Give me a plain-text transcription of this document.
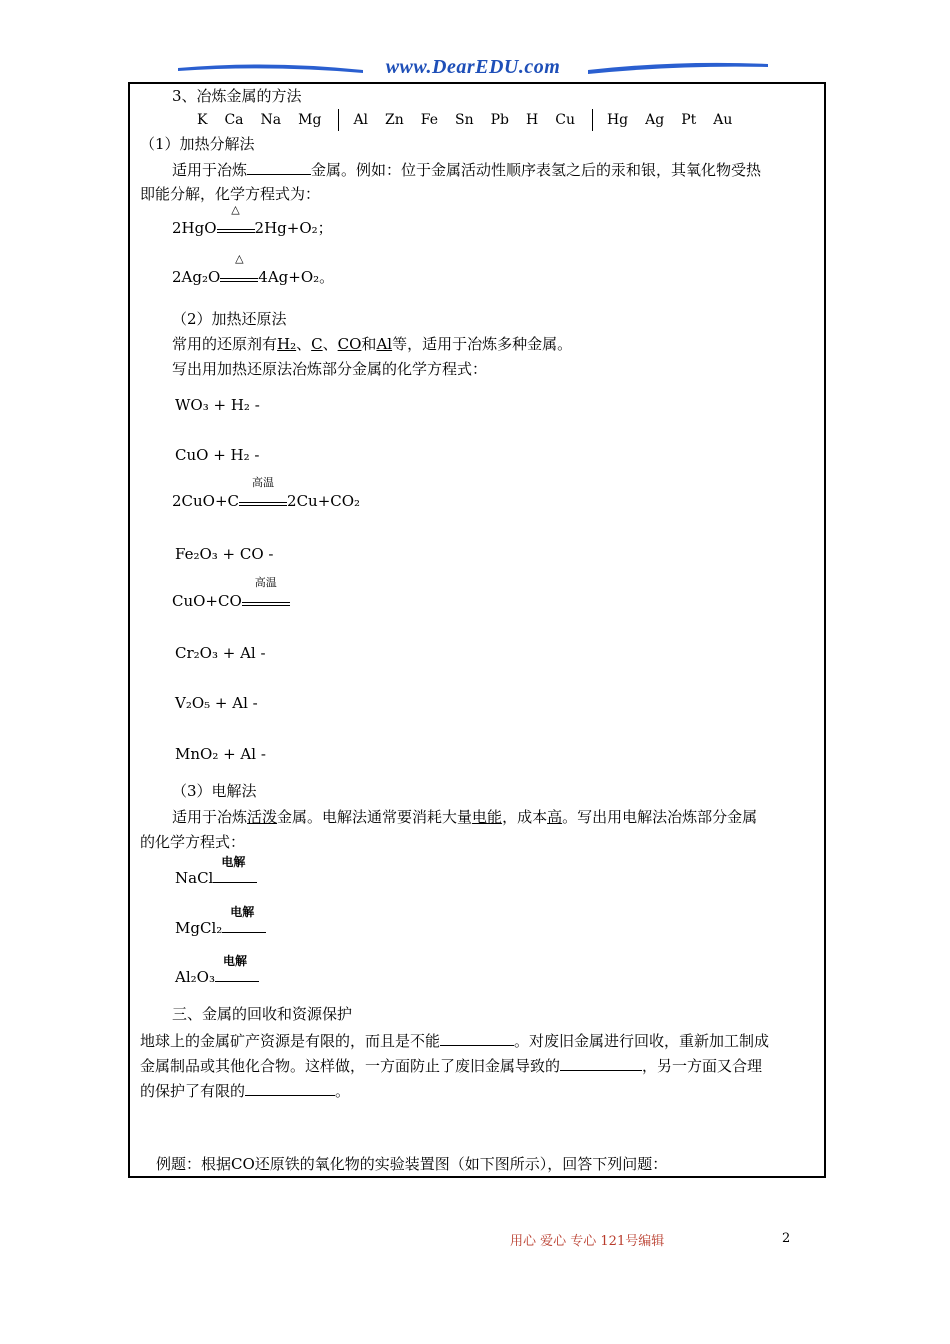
www.DearEDU.com
3、冶炼金属的方法
K Ca Na Mg Al Zn Fe Sn Pb H Cu Hg Ag Pt Au
（1）加热分解法
适用于冶炼	金属。例如：位于金属活动性顺序表氢之后的汞和银，其氧化物受热
即能分解，化学方程式为：
2HgO
△
2Hg+O₂；
2Ag₂O
△
4Ag+O₂。
（2）加热还原法
常用的还原剂有H₂、C、CO和Al等，适用于冶炼多种金属。
写出用加热还原法冶炼部分金属的化学方程式：
WO₃ + H₂ -
CuO + H₂ -
2CuO+C
高温
2Cu+CO₂
Fe₂O₃ + CO -
CuO+CO
高温
Cr₂O₃ + Al -
V₂O₅ + Al -
MnO₂ + Al -
（3）电解法
适用于冶炼活泼金属。电解法通常要消耗大量电能，成本高。写出用电解法冶炼部分金属
的化学方程式：
NaCl
电解
MgCl₂
电解
Al₂O₃
电解
三、金属的回收和资源保护
地球上的金属矿产资源是有限的，而且是不能	。对废旧金属进行回收，重新加工制成
金属制品或其他化合物。这样做，一方面防止了废旧金属导致的	，另一方面又合理
的保护了有限的	。
例题：根据CO还原铁的氧化物的实验装置图（如下图所示），回答下列问题：
用心 爱心 专心 121号编辑	2
